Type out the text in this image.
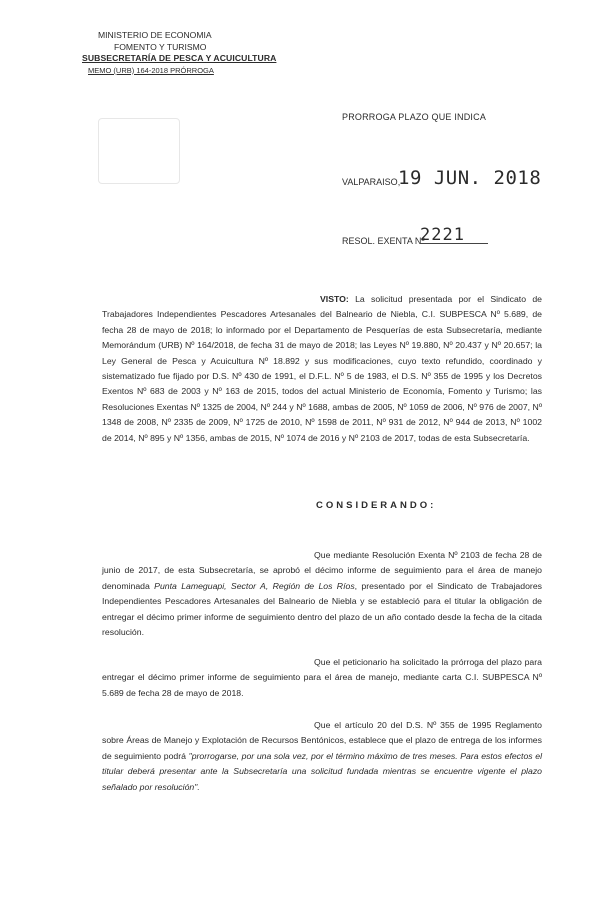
MINISTERIO DE ECONOMIA
FOMENTO Y TURISMO
SUBSECRETARÍA DE PESCA Y ACUICULTURA
MEMO (URB) 164-2018 PRÓRROGA
PRORROGA PLAZO QUE INDICA
VALPARAISO,
19 JUN. 2018
RESOL. EXENTA Nº
2221
VISTO: La solicitud presentada por el Sindicato de Trabajadores Independientes Pescadores Artesanales del Balneario de Niebla, C.I. SUBPESCA Nº 5.689, de fecha 28 de mayo de 2018; lo informado por el Departamento de Pesquerías de esta Subsecretaría, mediante Memorándum (URB) Nº 164/2018, de fecha 31 de mayo de 2018; las Leyes Nº 19.880, Nº 20.437 y Nº 20.657; la Ley General de Pesca y Acuicultura Nº 18.892 y sus modificaciones, cuyo texto refundido, coordinado y sistematizado fue fijado por D.S. Nº 430 de 1991, el D.F.L. Nº 5 de 1983, el D.S. Nº 355 de 1995 y los Decretos Exentos Nº 683 de 2003 y Nº 163 de 2015, todos del actual Ministerio de Economía, Fomento y Turismo; las Resoluciones Exentas Nº 1325 de 2004, Nº 244 y Nº 1688, ambas de 2005, Nº 1059 de 2006, Nº 976 de 2007, Nº 1348 de 2008, Nº 2335 de 2009, Nº 1725 de 2010, Nº 1598 de 2011, Nº 931 de 2012, Nº 944 de 2013, Nº 1002 de 2014, Nº 895 y Nº 1356, ambas de 2015, Nº 1074 de 2016 y Nº 2103 de 2017, todas de esta Subsecretaría.
CONSIDERANDO:
Que mediante Resolución Exenta Nº 2103 de fecha 28 de junio de 2017, de esta Subsecretaría, se aprobó el décimo informe de seguimiento para el área de manejo denominada Punta Lameguapi, Sector A, Región de Los Ríos, presentado por el Sindicato de Trabajadores Independientes Pescadores Artesanales del Balneario de Niebla y se estableció para el titular la obligación de entregar el décimo primer informe de seguimiento dentro del plazo de un año contado desde la fecha de la citada resolución.
Que el peticionario ha solicitado la prórroga del plazo para entregar el décimo primer informe de seguimiento para el área de manejo, mediante carta C.I. SUBPESCA Nº 5.689 de fecha 28 de mayo de 2018.
Que el artículo 20 del D.S. Nº 355 de 1995 Reglamento sobre Áreas de Manejo y Explotación de Recursos Bentónicos, establece que el plazo de entrega de los informes de seguimiento podrá "prorrogarse, por una sola vez, por el término máximo de tres meses. Para estos efectos el titular deberá presentar ante la Subsecretaría una solicitud fundada mientras se encuentre vigente el plazo señalado por resolución".
